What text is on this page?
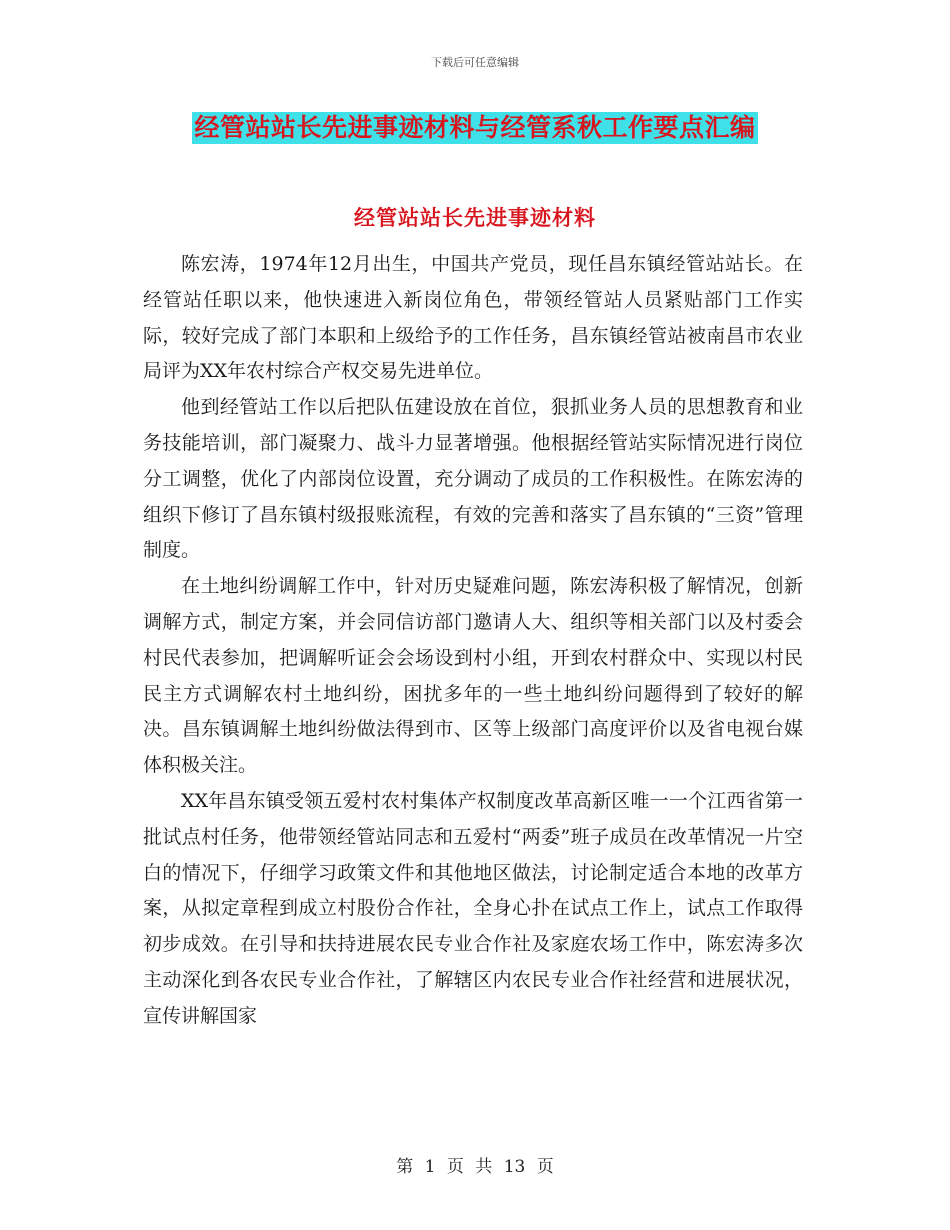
下载后可任意编辑
经管站站长先进事迹材料与经管系秋工作要点汇编
经管站站长先进事迹材料

陈宏涛，1974年12月出生，中国共产党员，现任昌东镇经管站站长。在经管站任职以来，他快速进入新岗位角色，带领经管站人员紧贴部门工作实际，较好完成了部门本职和上级给予的工作任务，昌东镇经管站被南昌市农业局评为XX年农村综合产权交易先进单位。

他到经管站工作以后把队伍建设放在首位，狠抓业务人员的思想教育和业务技能培训，部门凝聚力、战斗力显著增强。他根据经管站实际情况进行岗位分工调整，优化了内部岗位设置，充分调动了成员的工作积极性。在陈宏涛的组织下修订了昌东镇村级报账流程，有效的完善和落实了昌东镇的“三资”管理制度。

在土地纠纷调解工作中，针对历史疑难问题，陈宏涛积极了解情况，创新调解方式，制定方案，并会同信访部门邀请人大、组织等相关部门以及村委会村民代表参加，把调解听证会会场设到村小组，开到农村群众中、实现以村民民主方式调解农村土地纠纷，困扰多年的一些土地纠纷问题得到了较好的解决。昌东镇调解土地纠纷做法得到市、区等上级部门高度评价以及省电视台媒体积极关注。

XX年昌东镇受领五爱村农村集体产权制度改革高新区唯一一个江西省第一批试点村任务，他带领经管站同志和五爱村“两委”班子成员在改革情况一片空白的情况下，仔细学习政策文件和其他地区做法，讨论制定适合本地的改革方案，从拟定章程到成立村股份合作社，全身心扑在试点工作上，试点工作取得初步成效。在引导和扶持进展农民专业合作社及家庭农场工作中，陈宏涛多次主动深化到各农民专业合作社，了解辖区内农民专业合作社经营和进展状况，宣传讲解国家

第 1 页 共 13 页
